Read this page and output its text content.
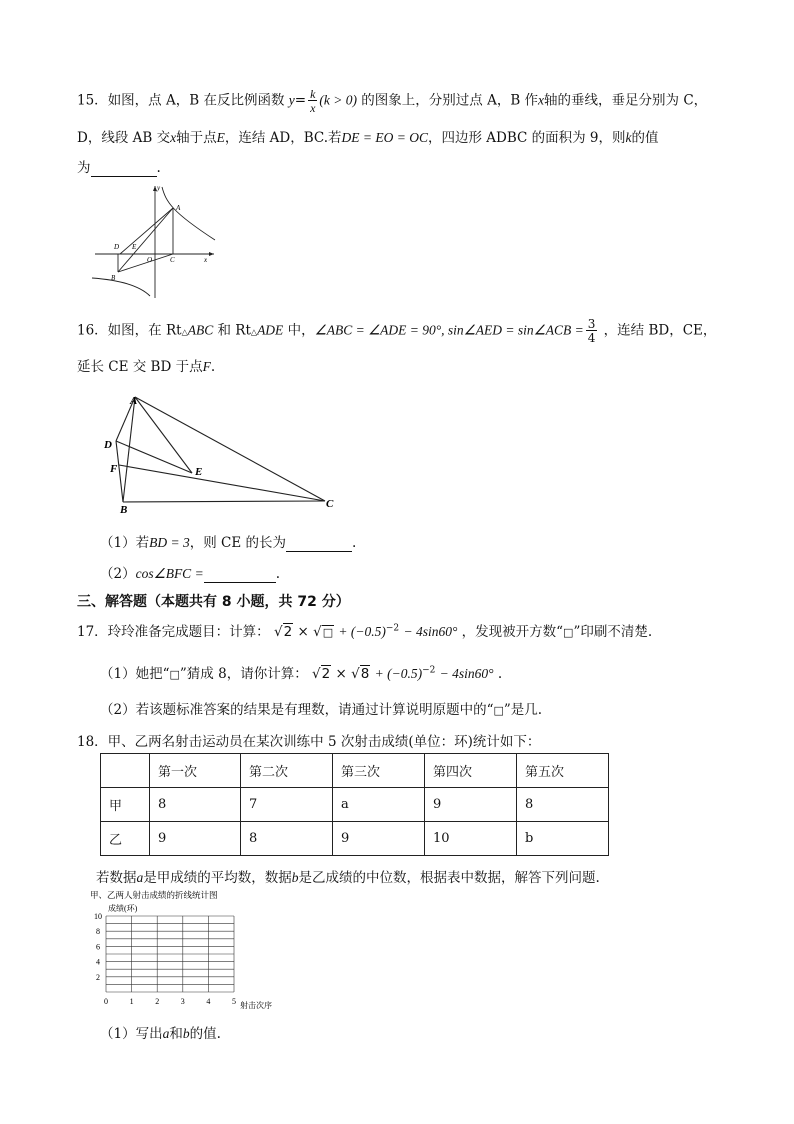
15．如图，点 A，B 在反比例函数 $y= \frac{k}{x} (k > 0)$ 的图象上，分别过点 A，B 作x轴的垂线，垂足分别为 C，
D，线段 AB 交x轴于点E，连结 AD，BC.若DE = EO = OC，四边形 ADBC 的面积为 9，则k的值
为	.
y
A
D E
O	C	x
B
16．如图，在 Rt△ABC 和 Rt△ADE 中，∠ABC = ∠ADE = 90°, sin∠AED = sin∠ACB = $\frac{3}{4}$ ，连结 BD，CE，
延长 CE 交 BD 于点F.
A
D
F	E
B	C
（1）若BD = 3，则 CE 的长为	.
（2）cos∠BFC =	.
三、解答题（本题共有 8 小题，共 72 分）
17．玲玲准备完成题目：计算： √2 × √□ + $(-0.5)^{-2} - 4\sin 60^\circ$ ，发现被开方数“□”印刷不清楚.
（1）她把“□”猜成 8，请你计算： $√2 \times √8 + (-0.5)^{-2} - 4\sin 60^\circ$ .
（2）若该题标准答案的结果是有理数，请通过计算说明原题中的“□”是几.
18．甲、乙两名射击运动员在某次训练中 5 次射击成绩(单位：环)统计如下：
	第一次	第二次	第三次	第四次	第五次
甲	8	7	a	9	8
乙	9	8	9	10	b
若数据a是甲成绩的平均数，数据b是乙成绩的中位数，根据表中数据，解答下列问题.
甲、乙两人射击成绩的折线统计图
成绩(环)
10
8
6
4
2
0	1	2	3	4	5 射击次序
（1）写出a和b的值.
